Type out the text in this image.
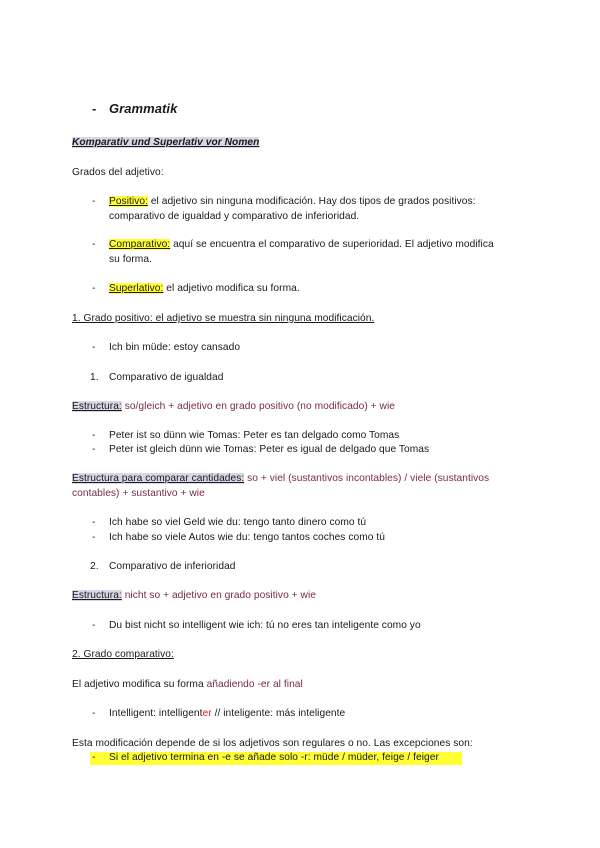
- Grammatik
Komparativ und Superlativ vor Nomen
Grados del adjetivo:
- Positivo: el adjetivo sin ninguna modificación. Hay dos tipos de grados positivos:
comparativo de igualdad y comparativo de inferioridad.
- Comparativo: aquí se encuentra el comparativo de superioridad. El adjetivo modifica
su forma.
- Superlativo: el adjetivo modifica su forma.
1. Grado positivo: el adjetivo se muestra sin ninguna modificación.
- Ich bin müde: estoy cansado
1. Comparativo de igualdad
Estructura: so/gleich + adjetivo en grado positivo (no modificado) + wie
- Peter ist so dünn wie Tomas: Peter es tan delgado como Tomas
- Peter ist gleich dünn wie Tomas: Peter es igual de delgado que Tomas
Estructura para comparar cantidades: so + viel (sustantivos incontables) / viele (sustantivos
contables) + sustantivo + wie
- Ich habe so viel Geld wie du: tengo tanto dinero como tú
- Ich habe so viele Autos wie du: tengo tantos coches como tú
2. Comparativo de inferioridad
Estructura: nicht so + adjetivo en grado positivo + wie
- Du bist nicht so intelligent wie ich: tú no eres tan inteligente como yo
2. Grado comparativo:
El adjetivo modifica su forma añadiendo -er al final
- Intelligent: intelligenter // inteligente: más inteligente
Esta modificación depende de si los adjetivos son regulares o no. Las excepciones son:
- Si el adjetivo termina en -e se añade solo -r: müde / müder, feige / feiger
